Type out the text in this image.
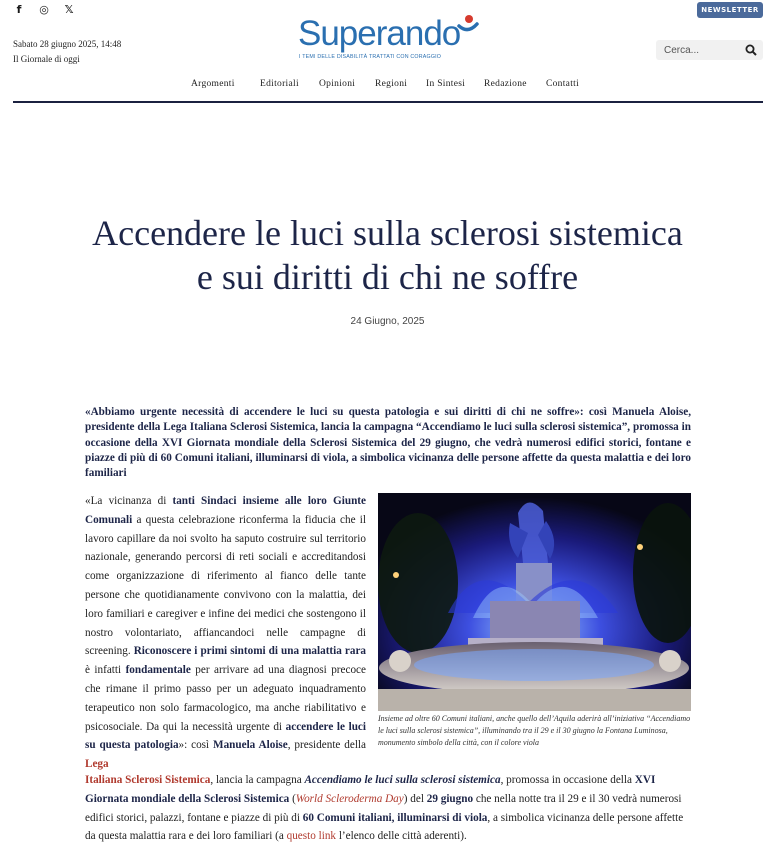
f	◎ 𝕏	NEWSLETTER
Sabato 28 giugno 2025, 14:48
Il Giornale di oggi
Superando
I TEMI DELLE DISABILITÀ TRATTATI CON CORAGGIO
Cerca...
Argomenti	Editoriali Opinioni Regioni In Sintesi Redazione Contatti
Accendere le luci sulla sclerosi sistemica
e sui diritti di chi ne soffre
24 Giugno, 2025

«Abbiamo urgente necessità di accendere le luci su questa patologia e sui diritti di chi ne soffre»: così Manuela Aloise, presidente della Lega Italiana Sclerosi Sistemica, lancia la campagna “Accendiamo le luci sulla sclerosi sistemica”, promossa in occasione della XVI Giornata mondiale della Sclerosi Sistemica del 29 giugno, che vedrà numerosi edifici storici, fontane e piazze di più di 60 Comuni italiani, illuminarsi di viola, a simbolica vicinanza delle persone affette da questa malattia e dei loro familiari

«La vicinanza di tanti Sindaci insieme alle loro Giunte Comunali a questa celebrazione riconferma la fiducia che il lavoro capillare da noi svolto ha saputo costruire sul territorio nazionale, generando percorsi di reti sociali e accreditandosi come organizzazione di riferimento al fianco delle tante persone che quotidianamente convivono con la malattia, dei loro familiari e caregiver e infine dei medici che sostengono il nostro volontariato, affiancandoci nelle campagne di screening. Riconoscere i primi sintomi di una malattia rara è infatti fondamentale per arrivare ad una diagnosi precoce che rimane il primo passo per un adeguato inquadramento terapeutico non solo farmacologico, ma anche riabilitativo e psicosociale. Da qui la necessità urgente di accendere le luci su questa patologia»: così Manuela Aloise, presidente della Lega

Insieme ad oltre 60 Comuni italiani, anche quello dell’Aquila aderirà all’iniziativa “Accendiamo le luci sulla sclerosi sistemica”, illuminando tra il 29 e il 30 giugno la Fontana Luminosa, monumento simbolo della città, con il colore viola

Italiana Sclerosi Sistemica, lancia la campagna Accendiamo le luci sulla sclerosi sistemica, promossa in occasione della XVI Giornata mondiale della Sclerosi Sistemica (World Scleroderma Day) del 29 giugno che nella notte tra il 29 e il 30 vedrà numerosi edifici storici, palazzi, fontane e piazze di più di 60 Comuni italiani, illuminarsi di viola, a simbolica vicinanza delle persone affette da questa malattia rara e dei loro familiari (a questo link l’elenco delle città aderenti).
